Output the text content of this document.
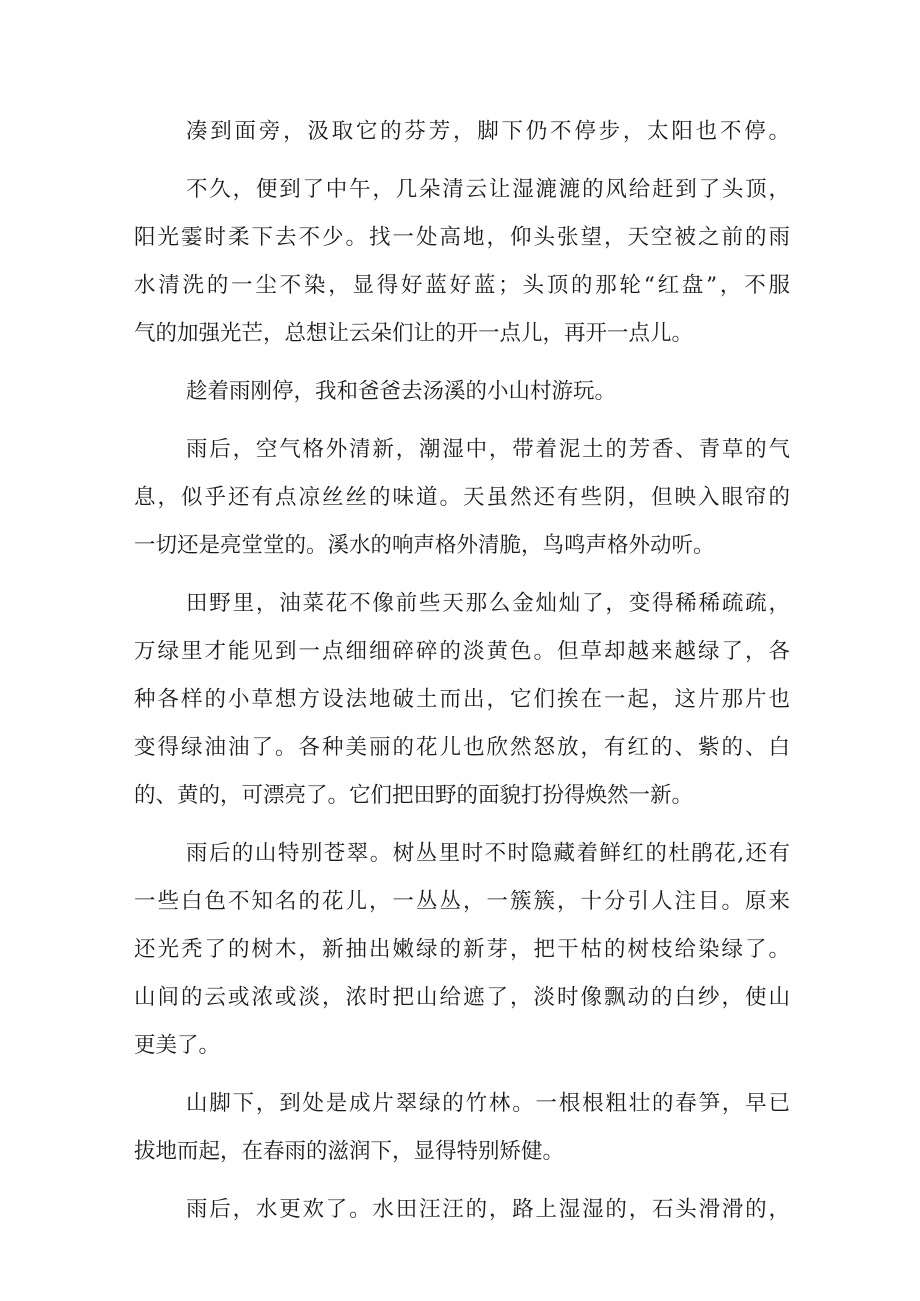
凑到面旁，汲取它的芬芳，脚下仍不停步，太阳也不停。
不久，便到了中午，几朵清云让湿漉漉的风给赶到了头顶，
阳光霎时柔下去不少。找一处高地，仰头张望，天空被之前的雨
水清洗的一尘不染，显得好蓝好蓝；头顶的那轮“红盘”，不服
气的加强光芒，总想让云朵们让的开一点儿，再开一点儿。
趁着雨刚停，我和爸爸去汤溪的小山村游玩。
雨后，空气格外清新，潮湿中，带着泥土的芳香、青草的气
息，似乎还有点凉丝丝的味道。天虽然还有些阴，但映入眼帘的
一切还是亮堂堂的。溪水的响声格外清脆，鸟鸣声格外动听。
田野里，油菜花不像前些天那么金灿灿了，变得稀稀疏疏，
万绿里才能见到一点细细碎碎的淡黄色。但草却越来越绿了，各
种各样的小草想方设法地破土而出，它们挨在一起，这片那片也
变得绿油油了。各种美丽的花儿也欣然怒放，有红的、紫的、白
的、黄的，可漂亮了。它们把田野的面貌打扮得焕然一新。
雨后的山特别苍翠。树丛里时不时隐藏着鲜红的杜鹃花,还有
一些白色不知名的花儿，一丛丛，一簇簇，十分引人注目。原来
还光秃了的树木，新抽出嫩绿的新芽，把干枯的树枝给染绿了。
山间的云或浓或淡，浓时把山给遮了，淡时像飘动的白纱，使山
更美了。
山脚下，到处是成片翠绿的竹林。一根根粗壮的春笋，早已
拔地而起，在春雨的滋润下，显得特别矫健。
雨后，水更欢了。水田汪汪的，路上湿湿的，石头滑滑的，
